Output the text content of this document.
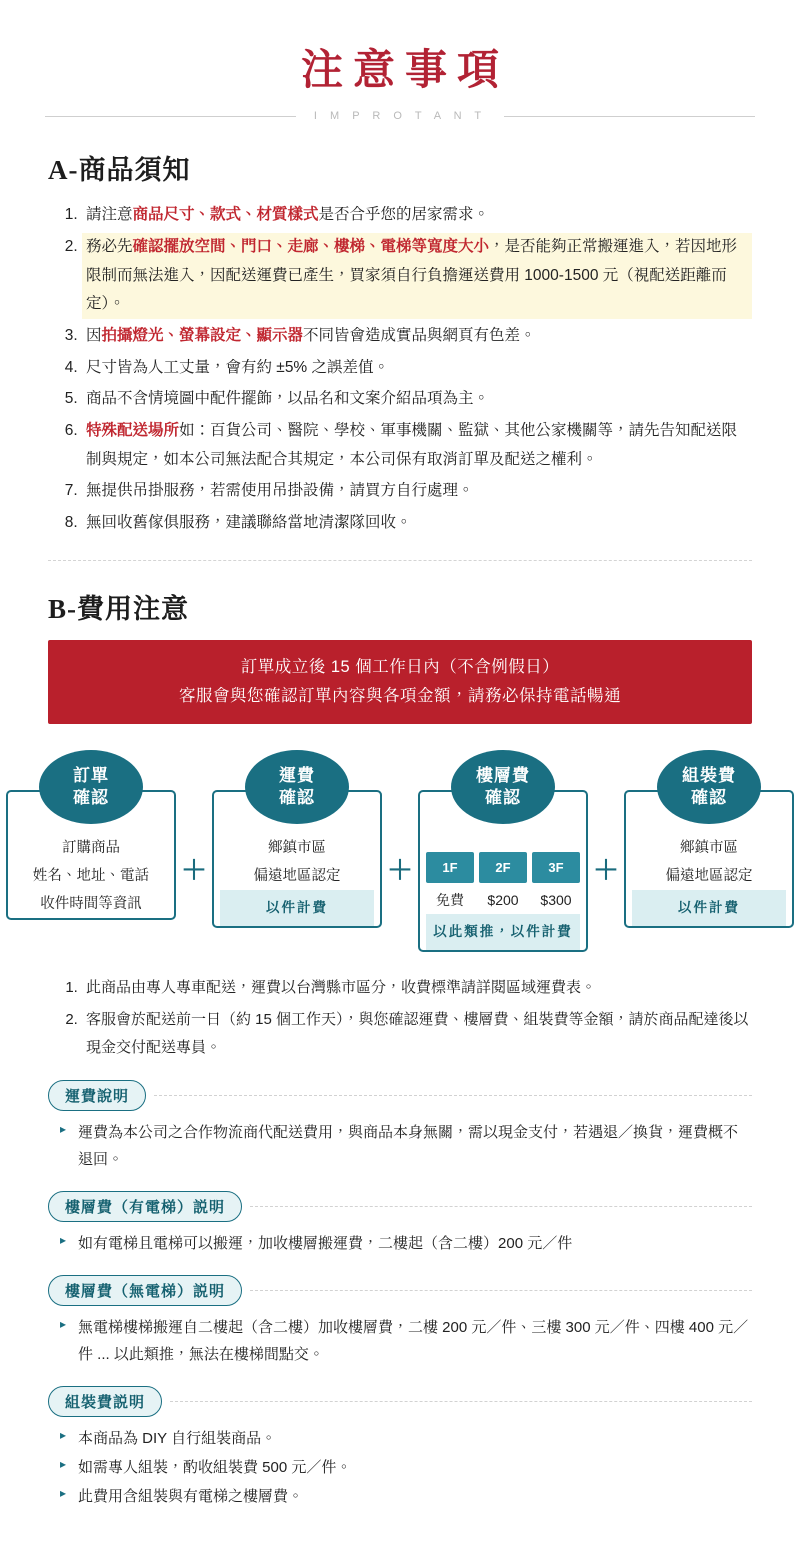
注意事項
I M P R O T A N T
A-商品須知
1. 請注意商品尺寸、款式、材質樣式是否合乎您的居家需求。
2. 務必先確認擺放空間、門口、走廊、樓梯、電梯等寬度大小，是否能夠正常搬運進入，若因地形限制而無法進入，因配送運費已產生，買家須自行負擔運送費用 1000-1500 元（視配送距離而定）。
3. 因拍攝燈光、螢幕設定、顯示器不同皆會造成實品與網頁有色差。
4. 尺寸皆為人工丈量，會有約 ±5% 之誤差值。
5. 商品不含情境圖中配件擺飾，以品名和文案介紹品項為主。
6. 特殊配送場所如：百貨公司、醫院、學校、軍事機關、監獄、其他公家機關等，請先告知配送限制與規定，如本公司無法配合其規定，本公司保有取消訂單及配送之權利。
7. 無提供吊掛服務，若需使用吊掛設備，請買方自行處理。
8. 無回收舊傢俱服務，建議聯絡當地清潔隊回收。
B-費用注意
訂單成立後 15 個工作日內（不含例假日）
客服會與您確認訂單內容與各項金額，請務必保持電話暢通
訂單
確認
訂購商品
姓名、地址、電話
收件時間等資訊
＋
運費
確認
鄉鎮市區
偏遠地區認定
以件計費
＋
樓層費
確認
1F
免費
2F
$200
3F
$300
以此類推，以件計費
＋
組裝費
確認
鄉鎮市區
偏遠地區認定
以件計費
1. 此商品由專人專車配送，運費以台灣縣市區分，收費標準請詳閱區域運費表。
2. 客服會於配送前一日（約 15 個工作天），與您確認運費、樓層費、組裝費等金額，請於商品配達後以現金交付配送專員。
運費說明
▸ 運費為本公司之合作物流商代配送費用，與商品本身無關，需以現金支付，若遇退／換貨，運費概不退回。
樓層費（有電梯）説明
▸ 如有電梯且電梯可以搬運，加收樓層搬運費，二樓起（含二樓）200 元／件
樓層費（無電梯）説明
▸ 無電梯樓梯搬運自二樓起（含二樓）加收樓層費，二樓 200 元／件、三樓 300 元／件、四樓 400 元／件 ... 以此類推，無法在樓梯間點交。
組裝費説明
▸ 本商品為 DIY 自行組裝商品。
▸ 如需專人組裝，酌收組裝費 500 元／件。
▸ 此費用含組裝與有電梯之樓層費。
